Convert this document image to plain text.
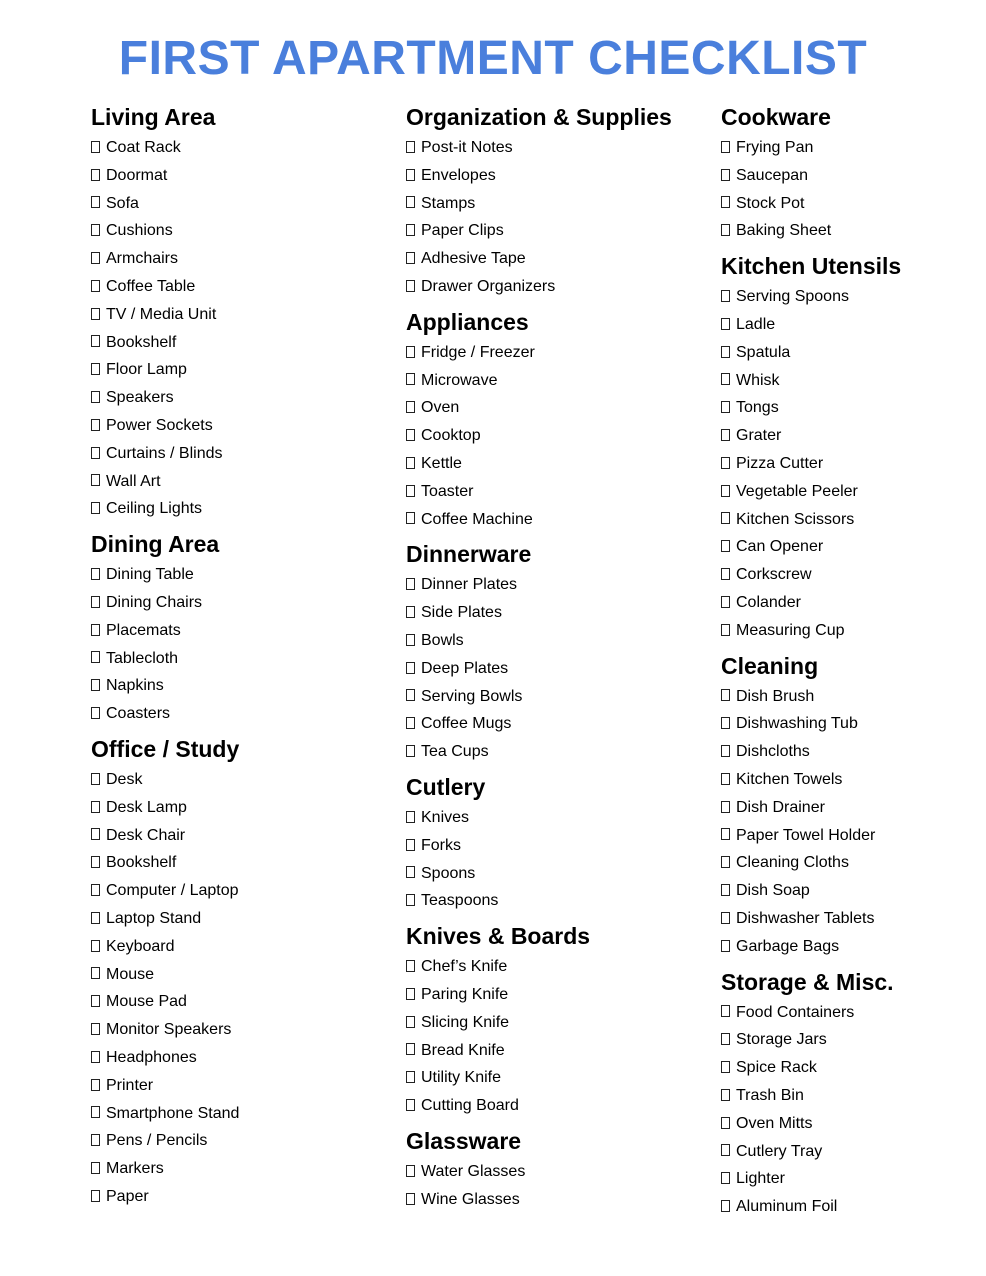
FIRST APARTMENT CHECKLIST
Living Area
Coat Rack
Doormat
Sofa
Cushions
Armchairs
Coffee Table
TV / Media Unit
Bookshelf
Floor Lamp
Speakers
Power Sockets
Curtains / Blinds
Wall Art
Ceiling Lights
Dining Area
Dining Table
Dining Chairs
Placemats
Tablecloth
Napkins
Coasters
Office / Study
Desk
Desk Lamp
Desk Chair
Bookshelf
Computer / Laptop
Laptop Stand
Keyboard
Mouse
Mouse Pad
Monitor Speakers
Headphones
Printer
Smartphone Stand
Pens / Pencils
Markers
Paper
Organization & Supplies
Post-it Notes
Envelopes
Stamps
Paper Clips
Adhesive Tape
Drawer Organizers
Appliances
Fridge / Freezer
Microwave
Oven
Cooktop
Kettle
Toaster
Coffee Machine
Dinnerware
Dinner Plates
Side Plates
Bowls
Deep Plates
Serving Bowls
Coffee Mugs
Tea Cups
Cutlery
Knives
Forks
Spoons
Teaspoons
Knives & Boards
Chef’s Knife
Paring Knife
Slicing Knife
Bread Knife
Utility Knife
Cutting Board
Glassware
Water Glasses
Wine Glasses
Cookware
Frying Pan
Saucepan
Stock Pot
Baking Sheet
Kitchen Utensils
Serving Spoons
Ladle
Spatula
Whisk
Tongs
Grater
Pizza Cutter
Vegetable Peeler
Kitchen Scissors
Can Opener
Corkscrew
Colander
Measuring Cup
Cleaning
Dish Brush
Dishwashing Tub
Dishcloths
Kitchen Towels
Dish Drainer
Paper Towel Holder
Cleaning Cloths
Dish Soap
Dishwasher Tablets
Garbage Bags
Storage & Misc.
Food Containers
Storage Jars
Spice Rack
Trash Bin
Oven Mitts
Cutlery Tray
Lighter
Aluminum Foil
